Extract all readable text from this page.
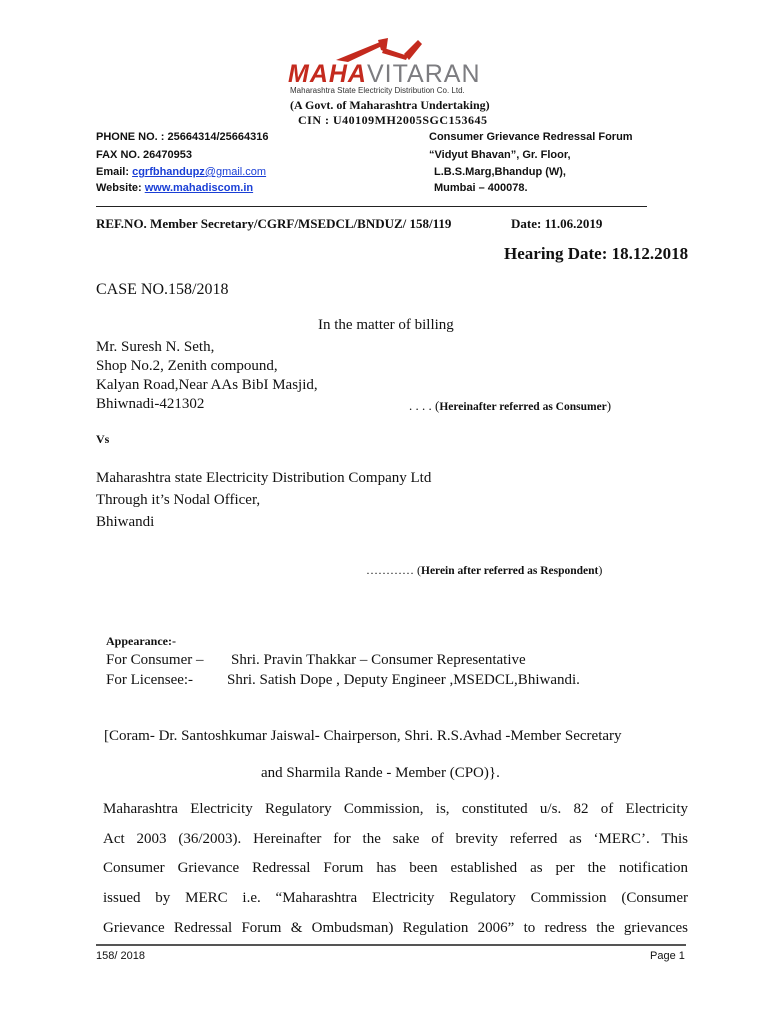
MAHAVITARAN
Maharashtra State Electricity Distribution Co. Ltd.
(A Govt. of Maharashtra Undertaking)
CIN : U40109MH2005SGC153645
PHONE NO. : 25664314/25664316
FAX NO. 26470953
Email: cgrfbhandupz@gmail.com
Website: www.mahadiscom.in
Consumer Grievance Redressal Forum
“Vidyut Bhavan”, Gr. Floor,
L.B.S.Marg,Bhandup (W),
Mumbai – 400078.
REF.NO. Member Secretary/CGRF/MSEDCL/BNDUZ/ 158/119	Date: 11.06.2019
Hearing Date: 18.12.2018
CASE NO.158/2018
In the matter of billing
Mr. Suresh N. Seth,
Shop No.2, Zenith compound,
Kalyan Road,Near AAs BibI Masjid,
Bhiwnadi-421302	. . . . (Hereinafter referred as Consumer)
Vs
Maharashtra state Electricity Distribution Company Ltd
Through it’s Nodal Officer,
Bhiwandi
………… (Herein after referred as Respondent)
Appearance:-
For Consumer – Shri. Pravin Thakkar – Consumer Representative
For Licensee:- Shri. Satish Dope , Deputy Engineer ,MSEDCL,Bhiwandi.
[Coram- Dr. Santoshkumar Jaiswal- Chairperson, Shri. R.S.Avhad -Member Secretary
and Sharmila Rande - Member (CPO)}.
Maharashtra Electricity Regulatory Commission, is, constituted u/s. 82 of Electricity
Act 2003 (36/2003). Hereinafter for the sake of brevity referred as ‘MERC’. This
Consumer Grievance Redressal Forum has been established as per the notification
issued by MERC i.e. “Maharashtra Electricity Regulatory Commission (Consumer
Grievance Redressal Forum & Ombudsman) Regulation 2006” to redress the grievances
158/ 2018	Page 1
